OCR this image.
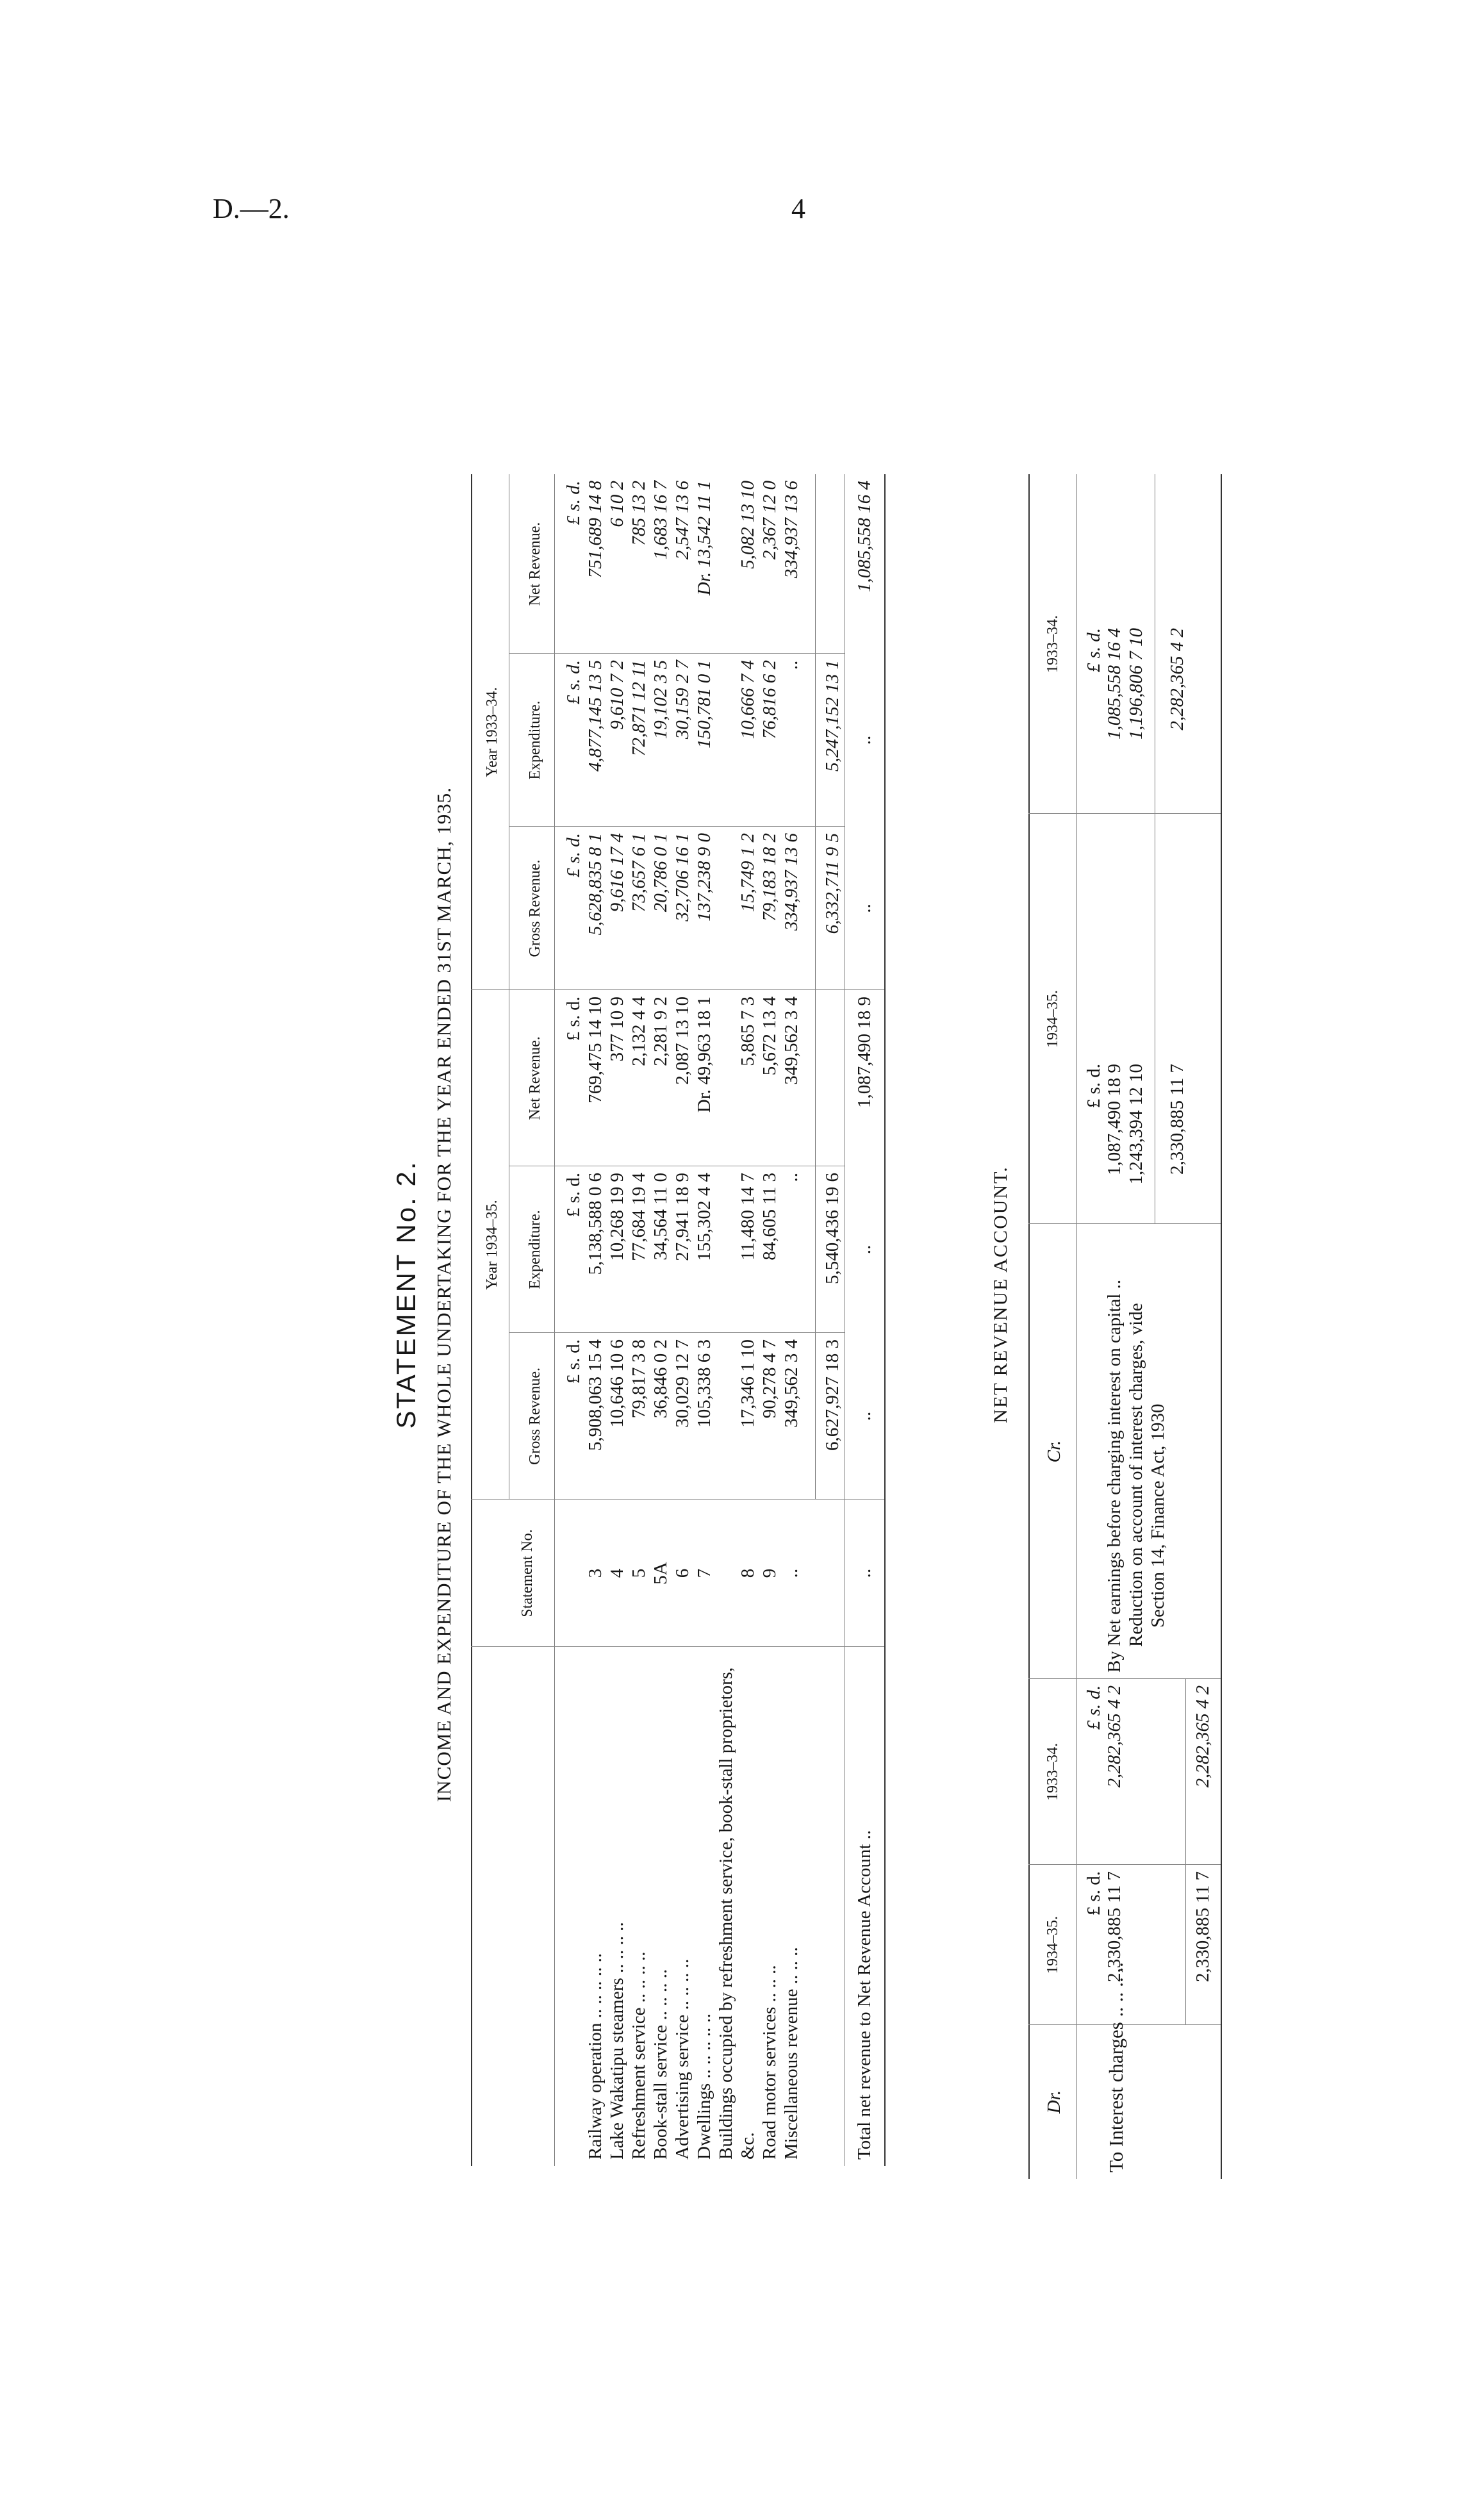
D.—2.	4
STATEMENT No. 2. INCOME AND EXPENDITURE OF THE WHOLE UNDERTAKING FOR THE YEAR ENDED 31ST MARCH, 1935.	Statement No.
Year 1934–35.
Year 1933–34.
Gross Revenue.
Expenditure.
Net Revenue.
Gross Revenue.
Expenditure.
Net Revenue.
£ s. d.
£ s. d.
£ s. d.
£ s. d.
£ s. d.
£ s. d.
Railway operation .. .. .. .. ..
3
5,908,063 15 4
5,138,588 0 6
769,475 14 10
5,628,835 8 1
4,877,145 13 5
751,689 14 8
Lake Wakatipu steamers .. .. .. ..
4
10,646 10 6
10,268 19 9
377 10 9
9,616 17 4
9,610 7 2
6 10 2
Refreshment service .. .. .. ..
5
79,817 3 8
77,684 19 4
2,132 4 4
73,657 6 1
72,871 12 11
785 13 2
Book-stall service .. .. .. ..
5A
36,846 0 2
34,564 11 0
2,281 9 2
20,786 0 1
19,102 3 5
1,683 16 7
Advertising service .. .. .. ..
6
30,029 12 7
27,941 18 9
2,087 13 10
32,706 16 1
30,159 2 7
2,547 13 6
Dwellings .. .. .. .. ..
7
105,338 6 3
155,302 4 4
Dr. 49,963 18 1
137,238 9 0
150,781 0 1
Dr. 13,542 11 1
Buildings occupied by refreshment service, book-stall proprietors, &c.
8
17,346 1 10
11,480 14 7
5,865 7 3
15,749 1 2
10,666 7 4
5,082 13 10
Road motor services .. .. ..
9
90,278 4 7
84,605 11 3
5,672 13 4
79,183 18 2
76,816 6 2
2,367 12 0
Miscellaneous revenue .. .. ..
..
349,562 3 4
..
349,562 3 4
334,937 13 6
..
334,937 13 6
6,627,927 18 3
5,540,436 19 6
6,332,711 9 5
5,247,152 13 1
Total net revenue to Net Revenue Account ..
..
..
..
1,087,490 18 9
..
..
1,085,558 16 4
NET REVENUE ACCOUNT.
Dr.
1934–35.
1933–34.
Cr.
1934–35.
1933–34.
To Interest charges .. .. .. ..
£ s. d. 2,330,885 11 7
£ s. d. 2,282,365 4 2
2,330,885 11 7
2,282,365 4 2
By Net earnings before charging interest on capital .. Reduction on account of interest charges, vide Section 14, Finance Act, 1930
£ s. d. 1,087,490 18 9 1,243,394 12 10 2,330,885 11 7
£ s. d. 1,085,558 16 4 1,196,806 7 10 2,282,365 4 2
